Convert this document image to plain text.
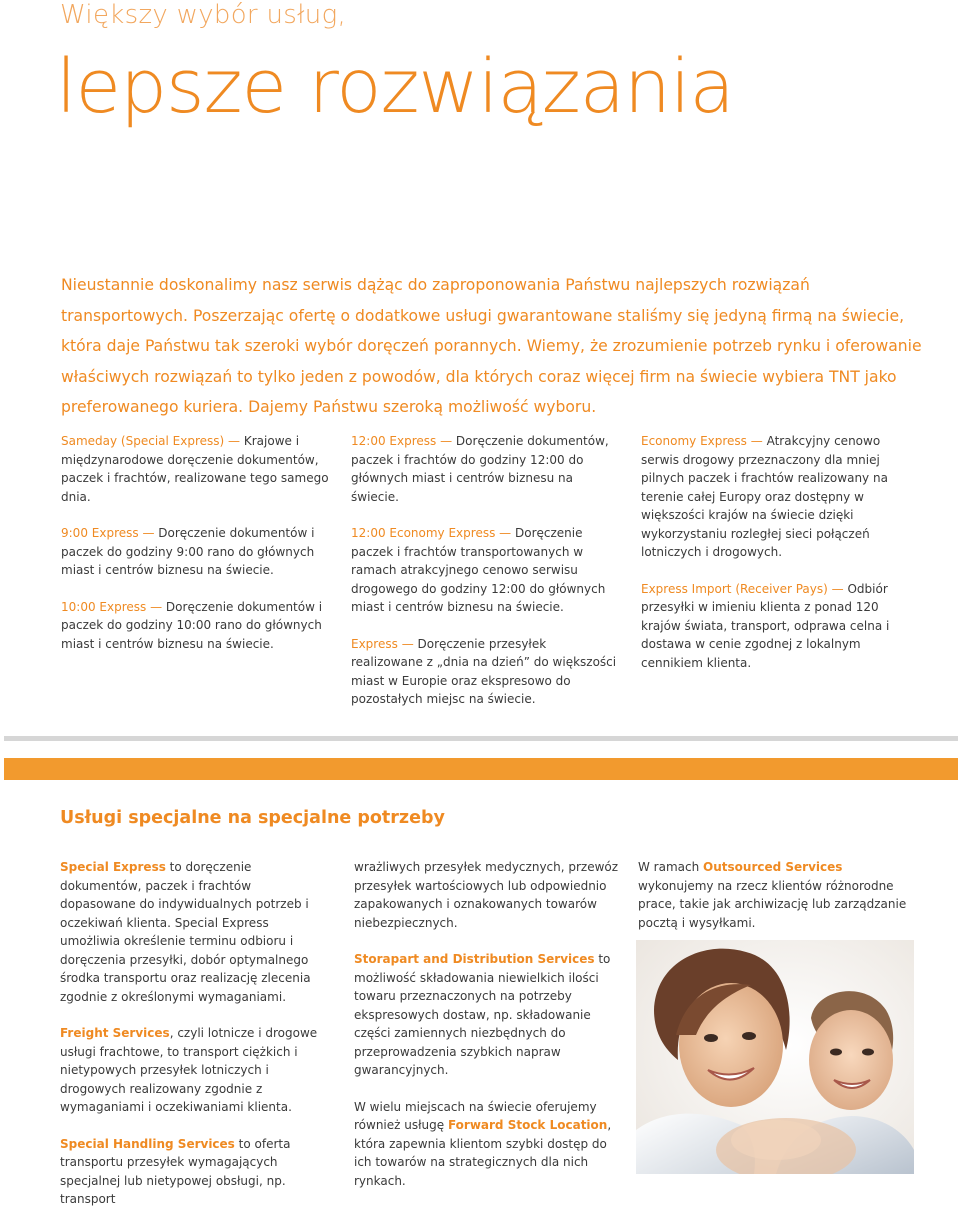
Większy wybór usług,
lepsze rozwiązania

Nieustannie doskonalimy nasz serwis dążąc do zaproponowania Państwu najlepszych rozwiązań transportowych. Poszerzając ofertę o dodatkowe usługi gwarantowane staliśmy się jedyną firmą na świecie, która daje Państwu tak szeroki wybór doręczeń porannych. Wiemy, że zrozumienie potrzeb rynku i oferowanie właściwych rozwiązań to tylko jeden z powodów, dla których coraz więcej firm na świecie wybiera TNT jako preferowanego kuriera. Dajemy Państwu szeroką możliwość wyboru.

Sameday (Special Express) — Krajowe i międzynarodowe doręczenie dokumentów, paczek i frachtów, realizowane tego samego dnia.

9:00 Express — Doręczenie dokumentów i paczek do godziny 9:00 rano do głównych miast i centrów biznesu na świecie.

10:00 Express — Doręczenie dokumentów i paczek do godziny 10:00 rano do głównych miast i centrów biznesu na świecie.

12:00 Express — Doręczenie dokumentów, paczek i frachtów do godziny 12:00 do głównych miast i centrów biznesu na świecie.

12:00 Economy Express — Doręczenie paczek i frachtów transportowanych w ramach atrakcyjnego cenowo serwisu drogowego do godziny 12:00 do głównych miast i centrów biznesu na świecie.

Express — Doręczenie przesyłek realizowane z „dnia na dzień” do większości miast w Europie oraz ekspresowo do pozostałych miejsc na świecie.

Economy Express — Atrakcyjny cenowo serwis drogowy przeznaczony dla mniej pilnych paczek i frachtów realizowany na terenie całej Europy oraz dostępny w większości krajów na świecie dzięki wykorzystaniu rozległej sieci połączeń lotniczych i drogowych.

Express Import (Receiver Pays) — Odbiór przesyłki w imieniu klienta z ponad 120 krajów świata, transport, odprawa celna i dostawa w cenie zgodnej z lokalnym cennikiem klienta.

Usługi specjalne na specjalne potrzeby

Special Express to doręczenie dokumentów, paczek i frachtów dopasowane do indywidualnych potrzeb i oczekiwań klienta. Special Express umożliwia określenie terminu odbioru i doręczenia przesyłki, dobór optymalnego środka transportu oraz realizację zlecenia zgodnie z określonymi wymaganiami.

Freight Services, czyli lotnicze i drogowe usługi frachtowe, to transport ciężkich i nietypowych przesyłek lotniczych i drogowych realizowany zgodnie z wymaganiami i oczekiwaniami klienta.

Special Handling Services to oferta transportu przesyłek wymagających specjalnej lub nietypowej obsługi, np. transport

wrażliwych przesyłek medycznych, przewóz przesyłek wartościowych lub odpowiednio zapakowanych i oznakowanych towarów niebezpiecznych.

Storapart and Distribution Services to możliwość składowania niewielkich ilości towaru przeznaczonych na potrzeby ekspresowych dostaw, np. składowanie części zamiennych niezbędnych do przeprowadzenia szybkich napraw gwarancyjnych.

W wielu miejscach na świecie oferujemy również usługę Forward Stock Location, która zapewnia klientom szybki dostęp do ich towarów na strategicznych dla nich rynkach.

W ramach Outsourced Services wykonujemy na rzecz klientów różnorodne prace, takie jak archiwizację lub zarządzanie pocztą i wysyłkami.
